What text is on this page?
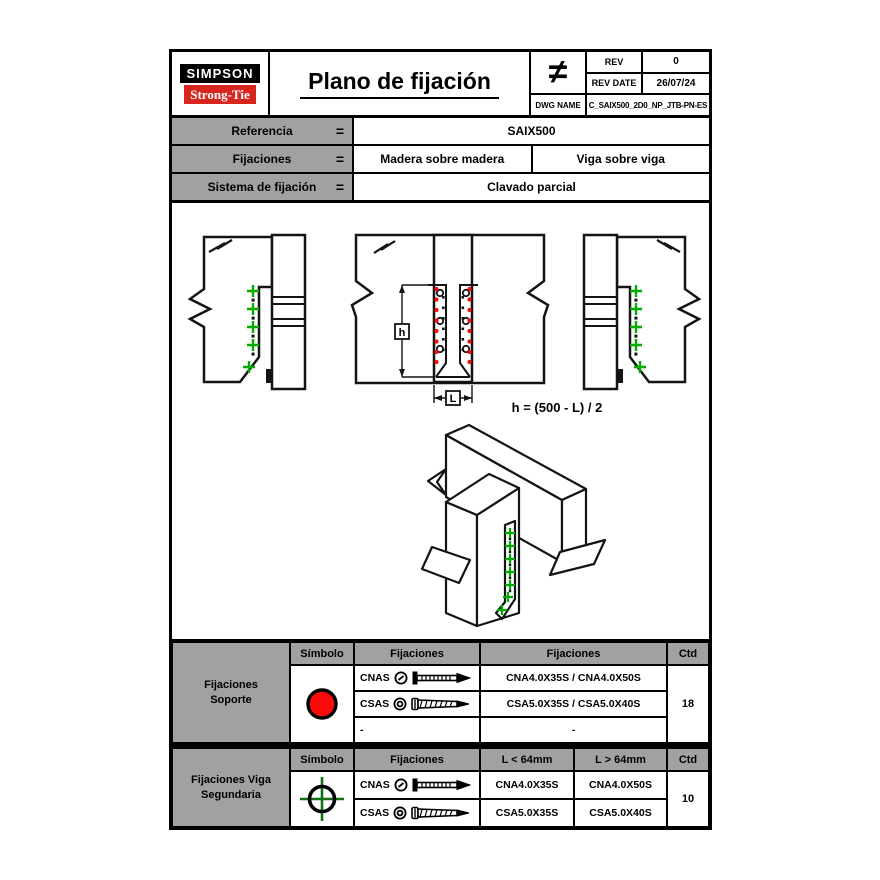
SIMPSON
Strong-Tie	Plano de fijación	≠	REV	0
REV DATE	26/07/24
DWG NAME	C_SAIX500_2D0_NP_JTB-PN-ES
Referencia	=	SAIX500
Fijaciones	=	Madera sobre madera	Viga sobre viga
Sistema de fijación =	Clavado parcial
h
L
h = (500 - L) / 2
Fijaciones Soporte
Símbolo	Fijaciones	Fijaciones	Ctd
CNAS	CNA4.0X35S / CNA4.0X50S
CSAS	CSA5.0X35S / CSA5.0X40S
-	-
18
Fijaciones Viga Segundaria
Símbolo	Fijaciones	L < 64mm	L > 64mm	Ctd
CNAS	CNA4.0X35S	CNA4.0X50S
CSAS	CSA5.0X35S	CSA5.0X40S
10
